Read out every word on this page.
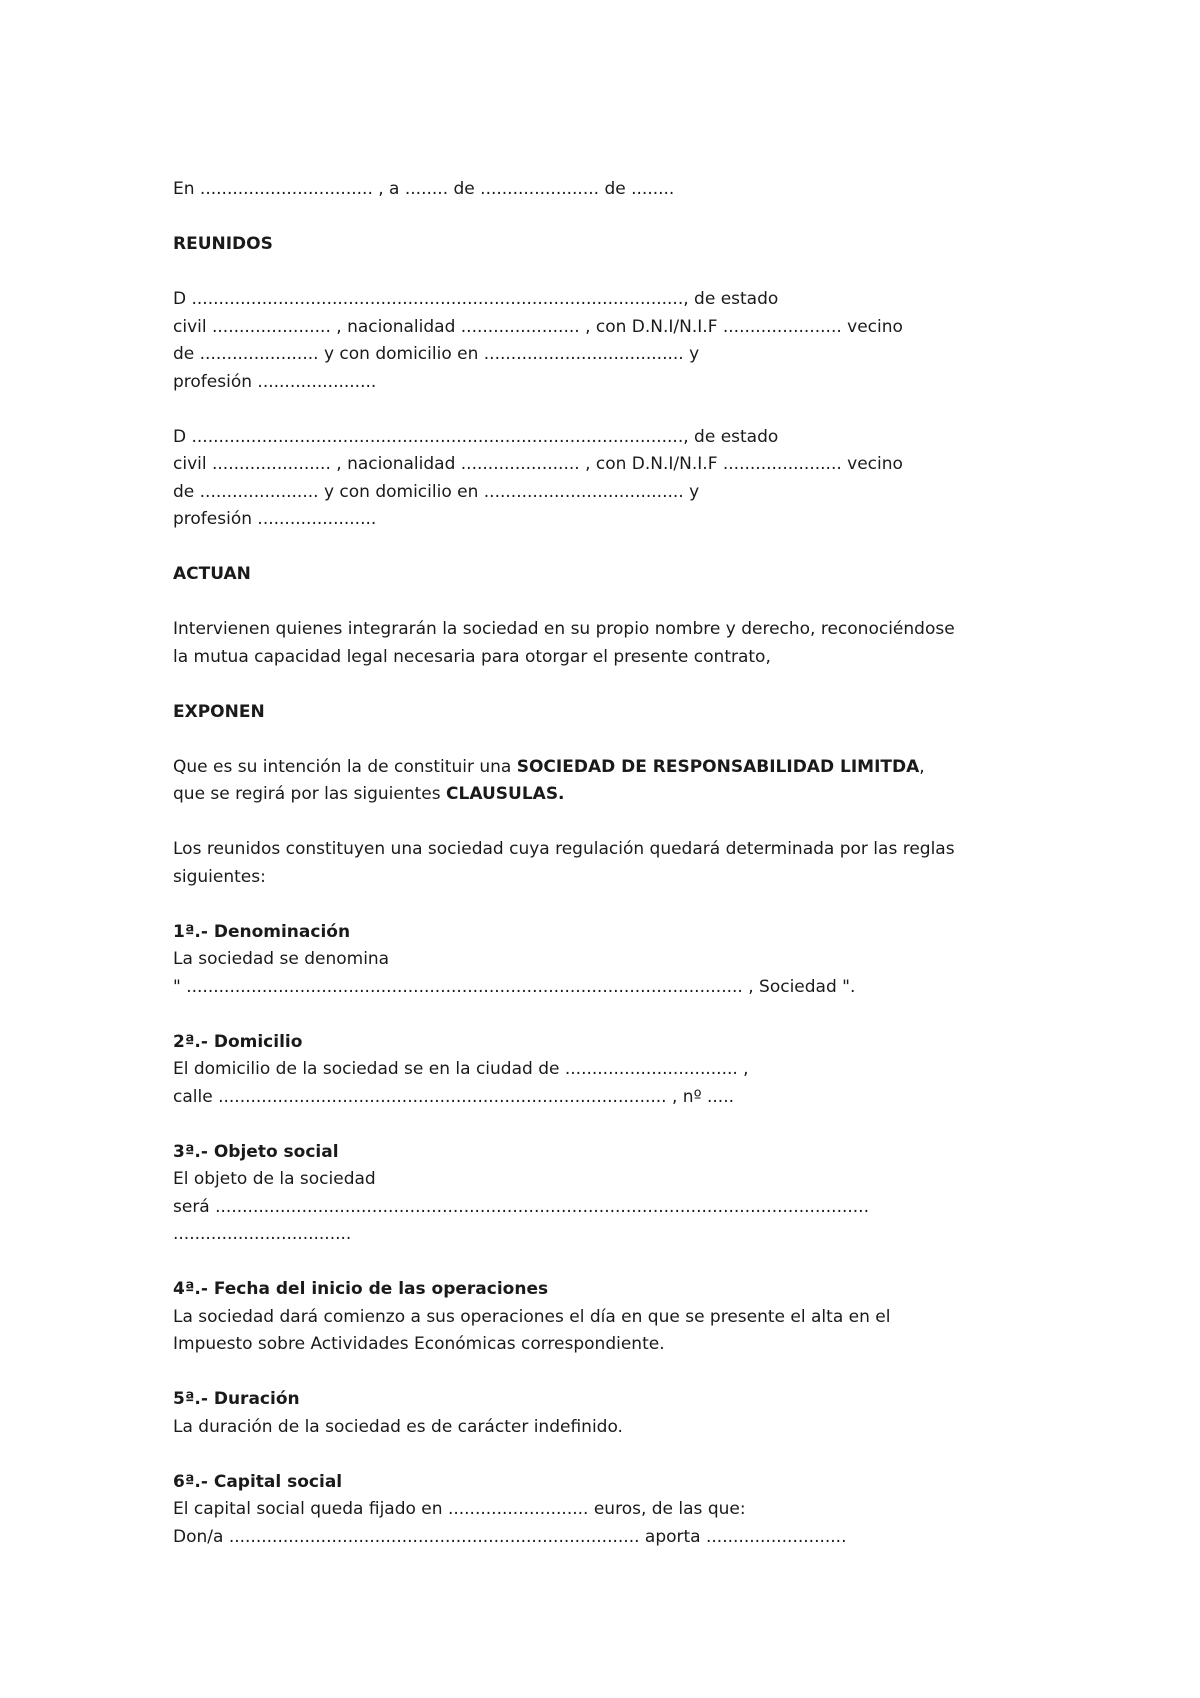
En ................................ , a ........ de ...................... de ........

REUNIDOS

D ..........................................................................................., de estado
civil ...................... , nacionalidad ...................... , con D.N.I/N.I.F ...................... vecino
de ...................... y con domicilio en ..................................... y
profesión ......................

D ..........................................................................................., de estado
civil ...................... , nacionalidad ...................... , con D.N.I/N.I.F ...................... vecino
de ...................... y con domicilio en ..................................... y
profesión ......................

ACTUAN

Intervienen quienes integrarán la sociedad en su propio nombre y derecho, reconociéndose
la mutua capacidad legal necesaria para otorgar el presente contrato,

EXPONEN

Que es su intención la de constituir una SOCIEDAD DE RESPONSABILIDAD LIMITDA,
que se regirá por las siguientes CLAUSULAS.

Los reunidos constituyen una sociedad cuya regulación quedará determinada por las reglas
siguientes:

1ª.- Denominación
La sociedad se denomina
" ....................................................................................................... , Sociedad ".
2ª.- Domicilio
El domicilio de la sociedad se en la ciudad de ................................ ,
calle ................................................................................... , nº .....
3ª.- Objeto social
El objeto de la sociedad
será .........................................................................................................................
.................................
4ª.- Fecha del inicio de las operaciones
La sociedad dará comienzo a sus operaciones el día en que se presente el alta en el
Impuesto sobre Actividades Económicas correspondiente.
5ª.- Duración
La duración de la sociedad es de carácter indefinido.
6ª.- Capital social
El capital social queda fijado en .......................... euros, de las que:
Don/a ............................................................................ aporta ..........................
